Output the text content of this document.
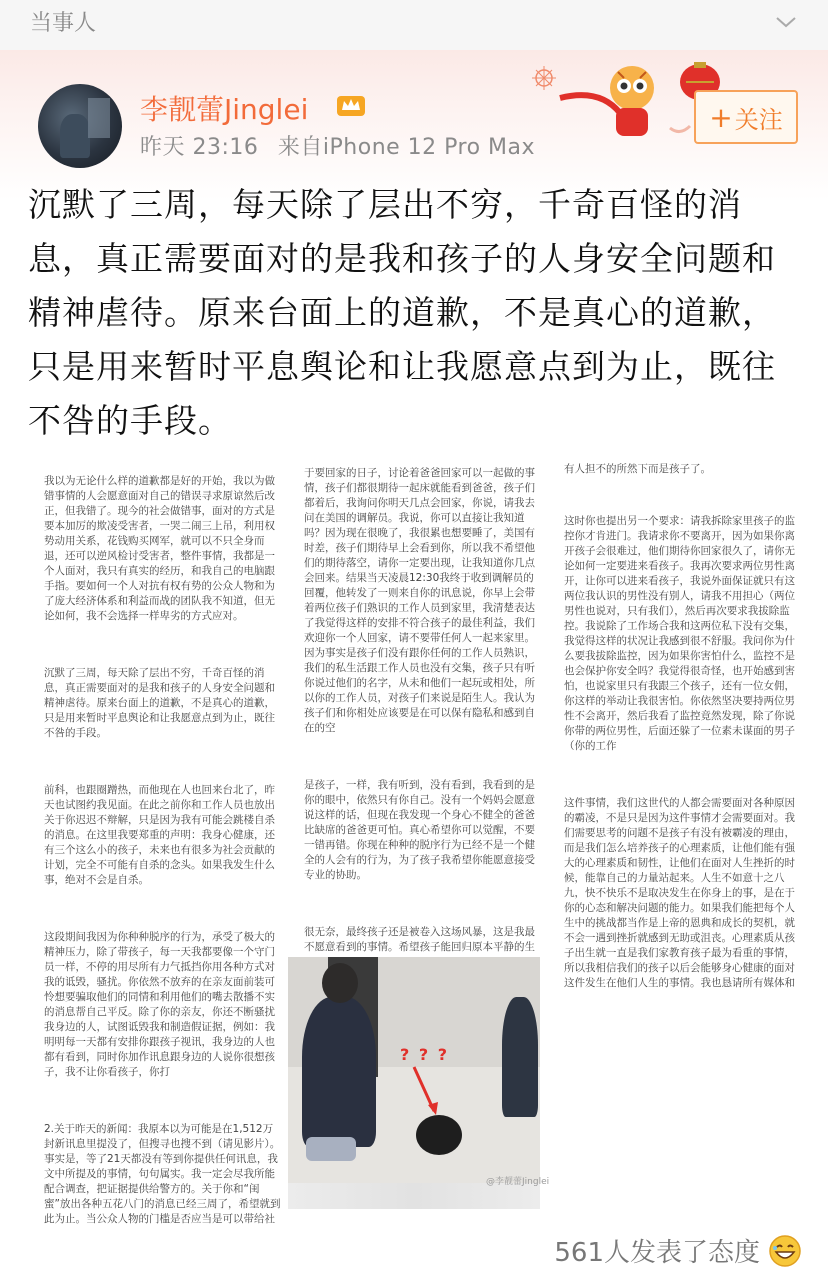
当事人
李靓蕾Jinglei
昨天 23:16 来自iPhone 12 Pro Max
+ 关注
沉默了三周，每天除了层出不穷，千奇百怪的消息，真正需要面对的是我和孩子的人身安全问题和精神虐待。原来台面上的道歉，不是真心的道歉，只是用来暂时平息舆论和让我愿意点到为止，既往不咎的手段。

我以为无论什么样的道歉都是好的开始，我以为做错事情的人会愿意面对自己的错误寻求原谅然后改正，但我错了。现今的社会做错事，面对的方式是要本加厉的欺凌受害者，一哭二闹三上吊，利用权势动用关系，花钱购买网军，就可以不只全身而退，还可以逆风检讨受害者，整件事情，我都是一个人面对，我只有真实的经历，和我自己的电脑跟手指。要如何一个人对抗有权有势的公众人物和为了庞大经济体系和利益而战的团队我不知道，但无论如何，我不会选择一样卑劣的方式应对。

沉默了三周，每天除了层出不穷，千奇百怪的消息，真正需要面对的是我和孩子的人身安全问题和精神虐待。原来台面上的道歉，不是真心的道歉，只是用来暂时平息舆论和让我愿意点到为止，既往不咎的手段。

前科，也跟圈蹭热，而他现在人也回来台北了，昨天也试图约我见面。在此之前你和工作人员也放出关于你迟迟不辩解，只是因为我有可能会跳楼自杀的消息。在这里我要郑重的声明：我身心健康，还有三个这么小的孩子，未来也有很多为社会贡献的计划，完全不可能有自杀的念头。如果我发生什么事，绝对不会是自杀。

这段期间我因为你种种脱序的行为，承受了极大的精神压力，除了带孩子，每一天我都要像一个守门员一样，不停的用尽所有力气抵挡你用各种方式对我的诋毁，骚扰。你依然不放弃的在亲友面前装可怜想要骗取他们的同情和利用他们的嘴去散播不实的消息帮自己平反。除了你的亲友，你还不断骚扰我身边的人，试图诋毁我和制造假证据，例如：我明明每一天都有安排你跟孩子视讯，我身边的人也都有看到，同时你加作讯息跟身边的人说你很想孩子，我不让你看孩子，你打

2.关于昨天的新闻：我原本以为可能是在1,512万封新讯息里提没了，但搜寻也搜不到（请见影片）。事实是，等了21天都没有等到你提供任何讯息，我文中所提及的事情，句句属实。我一定会尽我所能配合调查，把证据提供给警方的。关于你和“闺蜜”放出各种五花八门的消息已经三周了，希望就到此为止。当公众人物的门槛是否应当是可以带给社

于要回家的日子，讨论着爸爸回家可以一起做的事情，孩子们都很期待一起床就能看到爸爸，孩子们都着后，我询问你明天几点会回家，你说，请我去问在美国的调解员。我说，你可以直接让我知道吗？因为现在很晚了，我很累也想要睡了，美国有时差，孩子们期待早上会看到你，所以我不希望他们的期待落空，请你一定要出现，让我知道你几点会回来。结果当天凌晨12:30我终于收到调解员的回覆，他转发了一则来自你的讯息说，你早上会带着两位孩子们熟识的工作人员到家里，我清楚表达了我觉得这样的安排不符合孩子的最佳利益，我们欢迎你一个人回家，请不要带任何人一起来家里。因为事实是孩子们没有跟你任何的工作人员熟识，我们的私生活跟工作人员也没有交集，孩子只有听你说过他们的名字，从未和他们一起玩或相处，所以你的工作人员，对孩子们来说是陌生人。我认为孩子们和你相处应该要是在可以保有隐私和感到自在的空

是孩子，一样，我有听到，没有看到，我看到的是你的眼中，依然只有你自己。没有一个妈妈会愿意说这样的话，但现在我发现一个身心不健全的爸爸比缺席的爸爸更可怕。真心希望你可以觉醒，不要一错再错。你现在种种的脱序行为已经不是一个健全的人会有的行为，为了孩子我希望你能愿意接受专业的协助。

很无奈，最终孩子还是被卷入这场风暴，这是我最不愿意看到的事情。希望孩子能回归原本平静的生

有人担不的所然下而是孩子了。

这时你也提出另一个要求：请我拆除家里孩子的监控你才肯进门。我请求你不要离开，因为如果你离开孩子会很难过，他们期待你回家很久了，请你无论如何一定要进来看孩子。我再次要求两位男性离开，让你可以进来看孩子，我说外面保证就只有这两位我认识的男性没有别人，请我不用担心（两位男性也说对，只有我们），然后再次要求我拔除监控。我说除了工作场合我和这两位私下没有交集，我觉得这样的状况让我感到很不舒服。我问你为什么要我拔除监控，因为如果你害怕什么，监控不是也会保护你安全吗？我觉得很奇怪，也开始感到害怕，也说家里只有我跟三个孩子，还有一位女佣，你这样的举动让我很害怕。你依然坚决要持两位男性不会离开，然后我看了监控竟然发现，除了你说你带的两位男性，后面还躲了一位素未谋面的男子（你的工作

这件事情，我们这世代的人都会需要面对各种原因的霸凌，不是只是因为这件事情才会需要面对。我们需要思考的问题不是孩子有没有被霸凌的理由，而是我们怎么培养孩子的心理素质，让他们能有强大的心理素质和韧性，让他们在面对人生挫折的时候，能靠自己的力量站起来。人生不如意十之八九，快不快乐不是取决发生在你身上的事，是在于你的心态和解决问题的能力。如果我们能把每个人生中的挑战都当作是上帝的恩典和成长的契机，就不会一遇到挫折就感到无助或沮丧。心理素质从孩子出生就一直是我们家教育孩子最为看重的事情，所以我相信我们的孩子以后会能够身心健康的面对这件发生在他们人生的事情。我也恳请所有媒体和

? ? ?
@李靓蕾Jinglei
561人发表了态度
